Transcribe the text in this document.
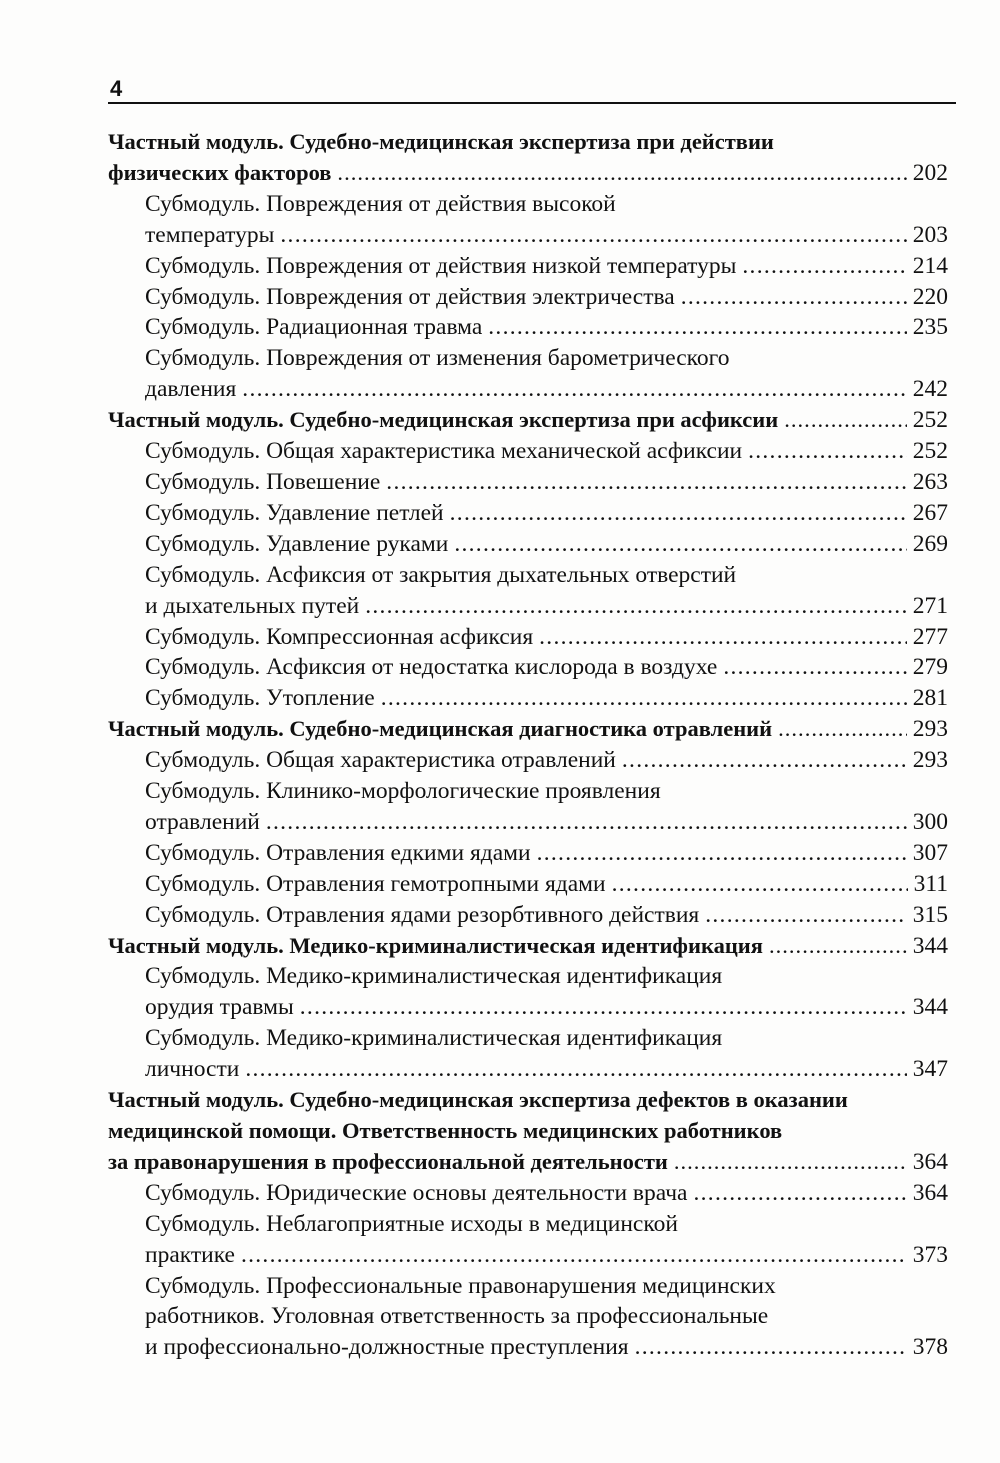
4
Частный модуль. Судебно-медицинская экспертиза при действии
физических факторов . . .	202
Субмодуль. Повреждения от действия высокой
температуры . . .	203
Субмодуль. Повреждения от действия низкой температуры . . .	214
Субмодуль. Повреждения от действия электричества . . .	220
Субмодуль. Радиационная травма . . .	235
Субмодуль. Повреждения от изменения барометрического
давления . . .	242
Частный модуль. Судебно-медицинская экспертиза при асфиксии . . .	252
Субмодуль. Общая характеристика механической асфиксии . . .	252
Субмодуль. Повешение . . .	263
Субмодуль. Удавление петлей . . .	267
Субмодуль. Удавление руками . . .	269
Субмодуль. Асфиксия от закрытия дыхательных отверстий
и дыхательных путей . . .	271
Субмодуль. Компрессионная асфиксия . . .	277
Субмодуль. Асфиксия от недостатка кислорода в воздухе . . .	279
Субмодуль. Утопление . . .	281
Частный модуль. Судебно-медицинская диагностика отравлений . . .	293
Субмодуль. Общая характеристика отравлений . . .	293
Субмодуль. Клинико-морфологические проявления
отравлений . . .	300
Субмодуль. Отравления едкими ядами . . .	307
Субмодуль. Отравления гемотропными ядами . . .	311
Субмодуль. Отравления ядами резорбтивного действия . . .	315
Частный модуль. Медико-криминалистическая идентификация . . .	344
Субмодуль. Медико-криминалистическая идентификация
орудия травмы . . .	344
Субмодуль. Медико-криминалистическая идентификация
личности . . .	347
Частный модуль. Судебно-медицинская экспертиза дефектов в оказании
медицинской помощи. Ответственность медицинских работников
за правонарушения в профессиональной деятельности . . .	364
Субмодуль. Юридические основы деятельности врача . . .	364
Субмодуль. Неблагоприятные исходы в медицинской
практике . . .	373
Субмодуль. Профессиональные правонарушения медицинских
работников. Уголовная ответственность за профессиональные
и профессионально-должностные преступления . . .	378
